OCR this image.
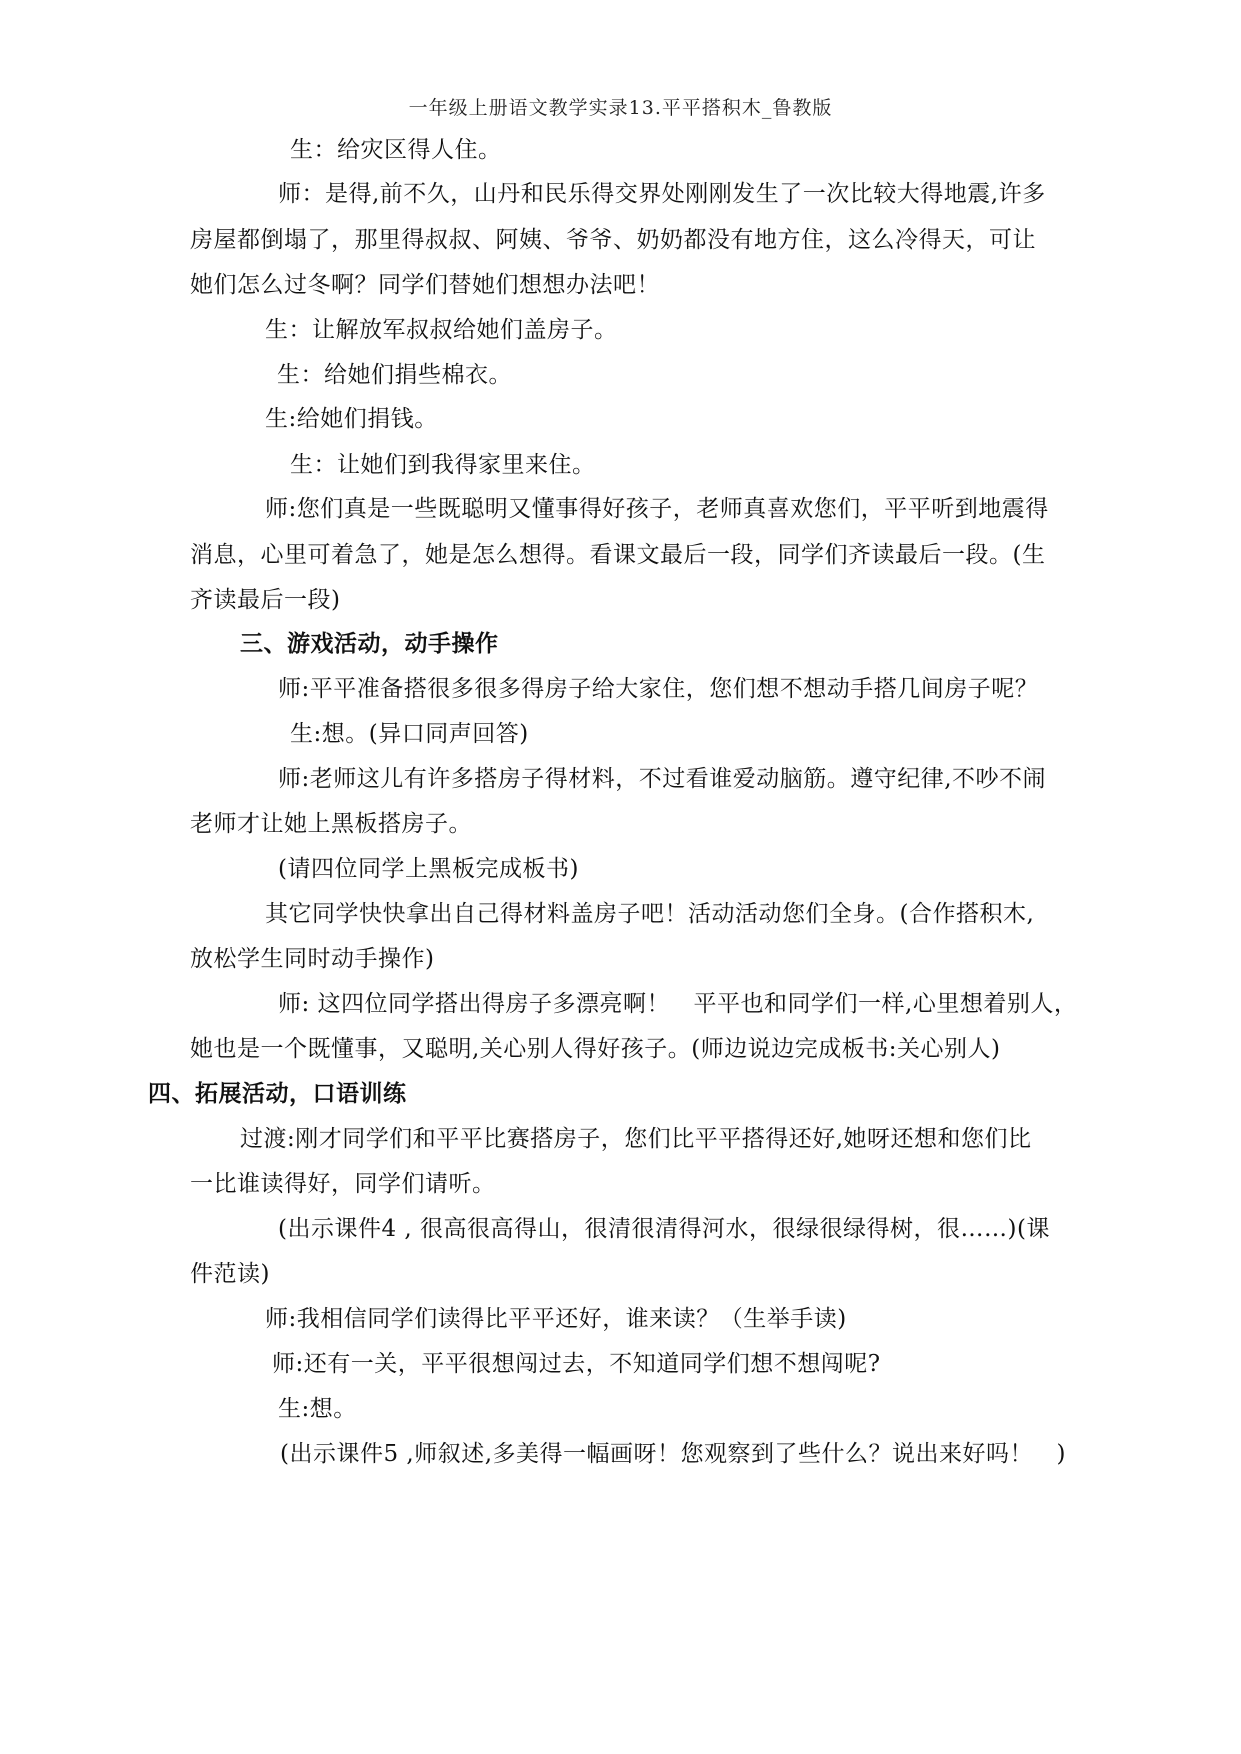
一年级上册语文教学实录13.平平搭积木_鲁教版
生：给灾区得人住。
师：是得,前不久，山丹和民乐得交界处刚刚发生了一次比较大得地震,许多
房屋都倒塌了，那里得叔叔、阿姨、爷爷、奶奶都没有地方住，这么冷得天，可让
她们怎么过冬啊？同学们替她们想想办法吧！
生：让解放军叔叔给她们盖房子。
生：给她们捐些棉衣。
生:给她们捐钱。
生：让她们到我得家里来住。
师:您们真是一些既聪明又懂事得好孩子，老师真喜欢您们，平平听到地震得
消息，心里可着急了，她是怎么想得。看课文最后一段，同学们齐读最后一段。(生
齐读最后一段)
三、游戏活动，动手操作
师:平平准备搭很多很多得房子给大家住，您们想不想动手搭几间房子呢？
生:想。(异口同声回答)
师:老师这儿有许多搭房子得材料，不过看谁爱动脑筋。遵守纪律,不吵不闹
老师才让她上黑板搭房子。
(请四位同学上黑板完成板书)
其它同学快快拿出自己得材料盖房子吧！活动活动您们全身。(合作搭积木,
放松学生同时动手操作)
师: 这四位同学搭出得房子多漂亮啊！　平平也和同学们一样,心里想着别人，
她也是一个既懂事，又聪明,关心别人得好孩子。(师边说边完成板书:关心别人)
四、拓展活动，口语训练
过渡:刚才同学们和平平比赛搭房子，您们比平平搭得还好,她呀还想和您们比
一比谁读得好，同学们请听。
(出示课件4 , 很高很高得山，很清很清得河水，很绿很绿得树，很……)(课
件范读)
师:我相信同学们读得比平平还好，谁来读？（生举手读)
师:还有一关，平平很想闯过去，不知道同学们想不想闯呢?
生:想。
(出示课件5 ,师叙述,多美得一幅画呀！您观察到了些什么？说出来好吗！　)
